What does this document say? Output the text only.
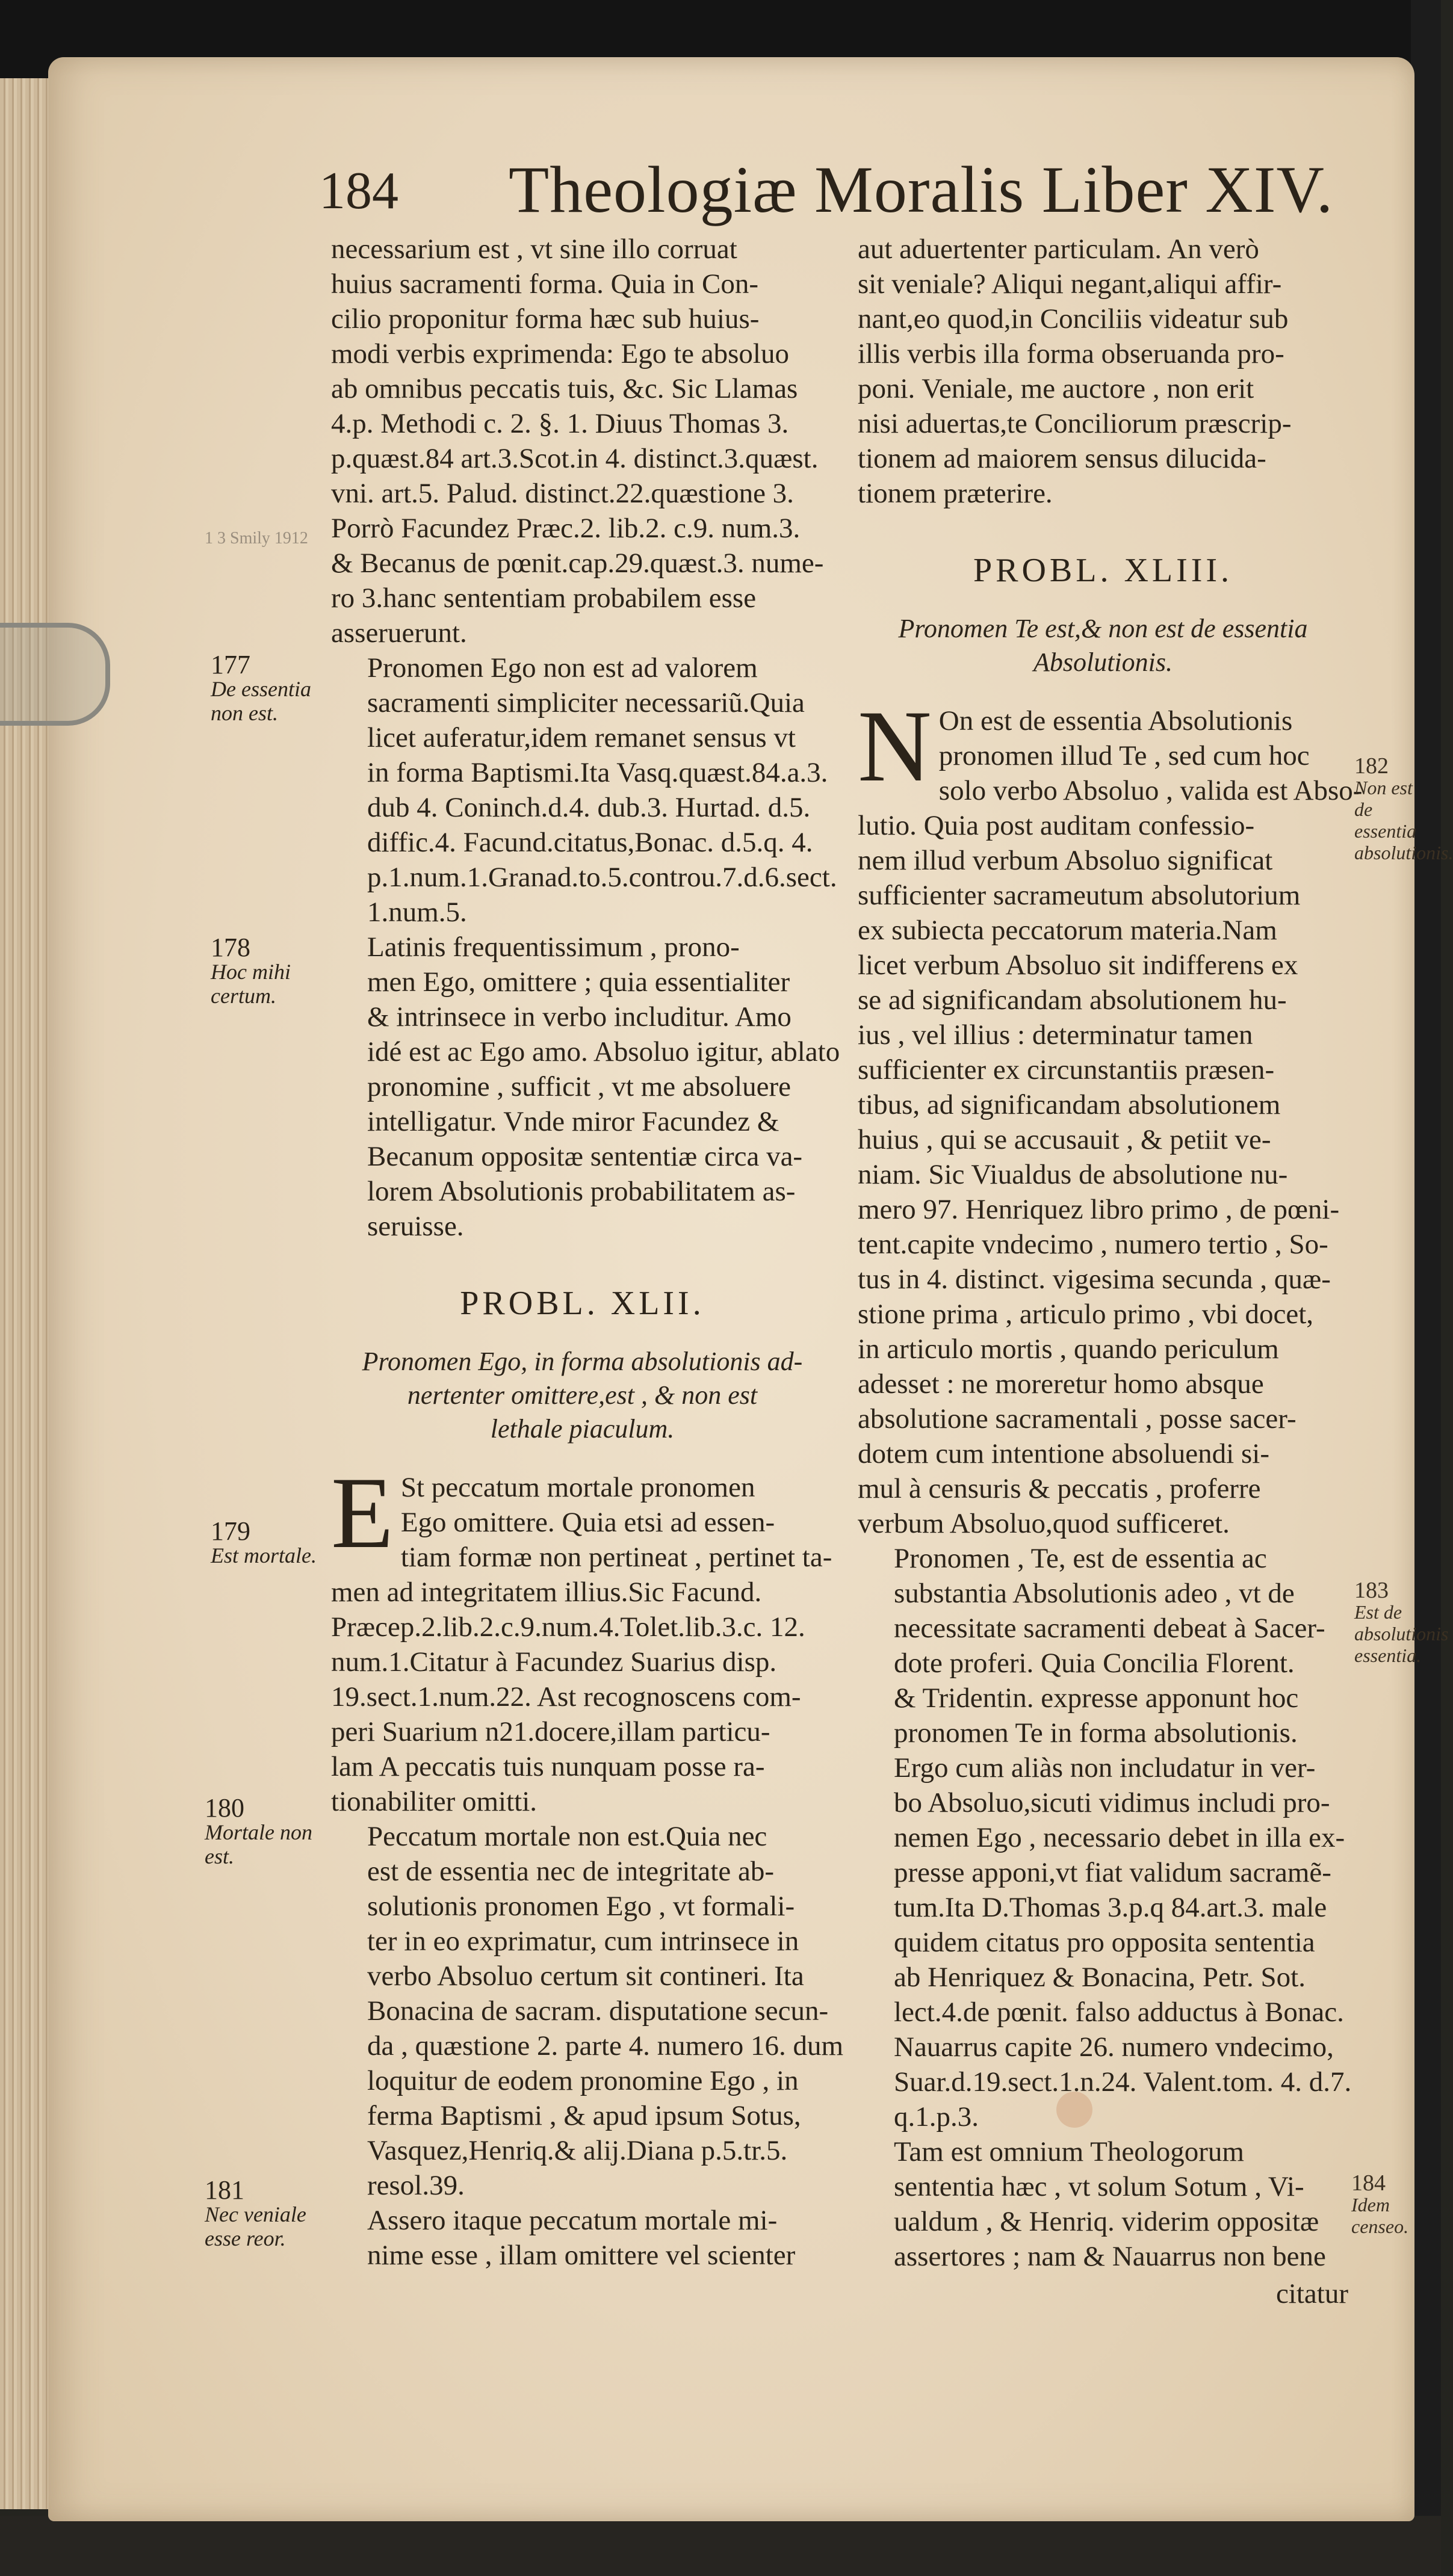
1 3 Smily 1912
184 Theologiæ Moralis Liber XIV.
necessarium est , vt sine illo corruat
huius sacramenti forma. Quia in Con-
cilio proponitur forma hæc sub huius-
modi verbis exprimenda: Ego te absoluo
ab omnibus peccatis tuis, &c. Sic Llamas
4.p. Methodi c. 2. §. 1. Diuus Thomas 3.
p.quæst.84 art.3.Scot.in 4. distinct.3.quæst.
vni. art.5. Palud. distinct.22.quæstione 3.
Porrò Facundez Præc.2. lib.2. c.9. num.3.
& Becanus de pœnit.cap.29.quæst.3. nume-
ro 3.hanc sententiam probabilem esse
asseruerunt.
Pronomen Ego non est ad valorem
sacramenti simpliciter necessariũ.Quia
licet auferatur,idem remanet sensus vt
in forma Baptismi.Ita Vasq.quæst.84.a.3.
dub 4. Coninch.d.4. dub.3. Hurtad. d.5.
diffic.4. Facund.citatus,Bonac. d.5.q. 4.
p.1.num.1.Granad.to.5.controu.7.d.6.sect.
1.num.5.
Latinis frequentissimum , prono-
men Ego, omittere ; quia essentialiter
& intrinsece in verbo includitur. Amo
idé est ac Ego amo. Absoluo igitur, ablato
pronomine , sufficit , vt me absoluere
intelligatur. Vnde miror Facundez &
Becanum oppositæ sententiæ circa va-
lorem Absolutionis probabilitatem as-
seruisse.
PROBL. XLII.
Pronomen Ego, in forma absolutionis ad-
nertenter omittere,est , & non est
lethale piaculum.
E St peccatum mortale pronomen
Ego omittere. Quia etsi ad essen-
tiam formæ non pertineat , pertinet ta-
men ad integritatem illius.Sic Facund.
Præcep.2.lib.2.c.9.num.4.Tolet.lib.3.c. 12.
num.1.Citatur à Facundez Suarius disp.
19.sect.1.num.22. Ast recognoscens com-
peri Suarium n21.docere,illam particu-
lam A peccatis tuis nunquam posse ra-
tionabiliter omitti.
Peccatum mortale non est.Quia nec
est de essentia nec de integritate ab-
solutionis pronomen Ego , vt formali-
ter in eo exprimatur, cum intrinsece in
verbo Absoluo certum sit contineri. Ita
Bonacina de sacram. disputatione secun-
da , quæstione 2. parte 4. numero 16. dum
loquitur de eodem pronomine Ego , in
ferma Baptismi , & apud ipsum Sotus,
Vasquez,Henriq.& alij.Diana p.5.tr.5.
resol.39.
Assero itaque peccatum mortale mi-
nime esse , illam omittere vel scienter
177
De essentia non est.
178
Hoc mihi certum.
179
Est mortale.
180
Mortale non est.
181
Nec veniale esse reor.
aut aduertenter particulam. An verò
sit veniale? Aliqui negant,aliqui affir-
nant,eo quod,in Conciliis videatur sub
illis verbis illa forma obseruanda pro-
poni. Veniale, me auctore , non erit
nisi aduertas,te Conciliorum præscrip-
tionem ad maiorem sensus dilucida-
tionem præterire.
PROBL. XLIII.
Pronomen Te est,& non est de essentia
Absolutionis.
N On est de essentia Absolutionis
pronomen illud Te , sed cum hoc
solo verbo Absoluo , valida est Abso-
lutio. Quia post auditam confessio-
nem illud verbum Absoluo significat
sufficienter sacrameutum absolutorium
ex subiecta peccatorum materia.Nam
licet verbum Absoluo sit indifferens ex
se ad significandam absolutionem hu-
ius , vel illius : determinatur tamen
sufficienter ex circunstantiis præsen-
tibus, ad significandam absolutionem
huius , qui se accusauit , & petiit ve-
niam. Sic Viualdus de absolutione nu-
mero 97. Henriquez libro primo , de pœni-
tent.capite vndecimo , numero tertio , So-
tus in 4. distinct. vigesima secunda , quæ-
stione prima , articulo primo , vbi docet,
in articulo mortis , quando periculum
adesset : ne moreretur homo absque
absolutione sacramentali , posse sacer-
dotem cum intentione absoluendi si-
mul à censuris & peccatis , proferre
verbum Absoluo,quod sufficeret.
Pronomen , Te, est de essentia ac
substantia Absolutionis adeo , vt de
necessitate sacramenti debeat à Sacer-
dote proferi. Quia Concilia Florent.
& Tridentin. expresse apponunt hoc
pronomen Te in forma absolutionis.
Ergo cum aliàs non includatur in ver-
bo Absoluo,sicuti vidimus includi pro-
nemen Ego , necessario debet in illa ex-
presse apponi,vt fiat validum sacramẽ-
tum.Ita D.Thomas 3.p.q 84.art.3. male
quidem citatus pro opposita sententia
ab Henriquez & Bonacina, Petr. Sot.
lect.4.de pœnit. falso adductus à Bonac.
Nauarrus capite 26. numero vndecimo,
Suar.d.19.sect.1.n.24. Valent.tom. 4. d.7.
q.1.p.3.
Tam est omnium Theologorum
sententia hæc , vt solum Sotum , Vi-
ualdum , & Henriq. viderim oppositæ
assertores ; nam & Nauarrus non bene
citatur
182
Non est de essentia absolutionis.
183
Est de absolutionis essentia.
184
Idem censeo.
